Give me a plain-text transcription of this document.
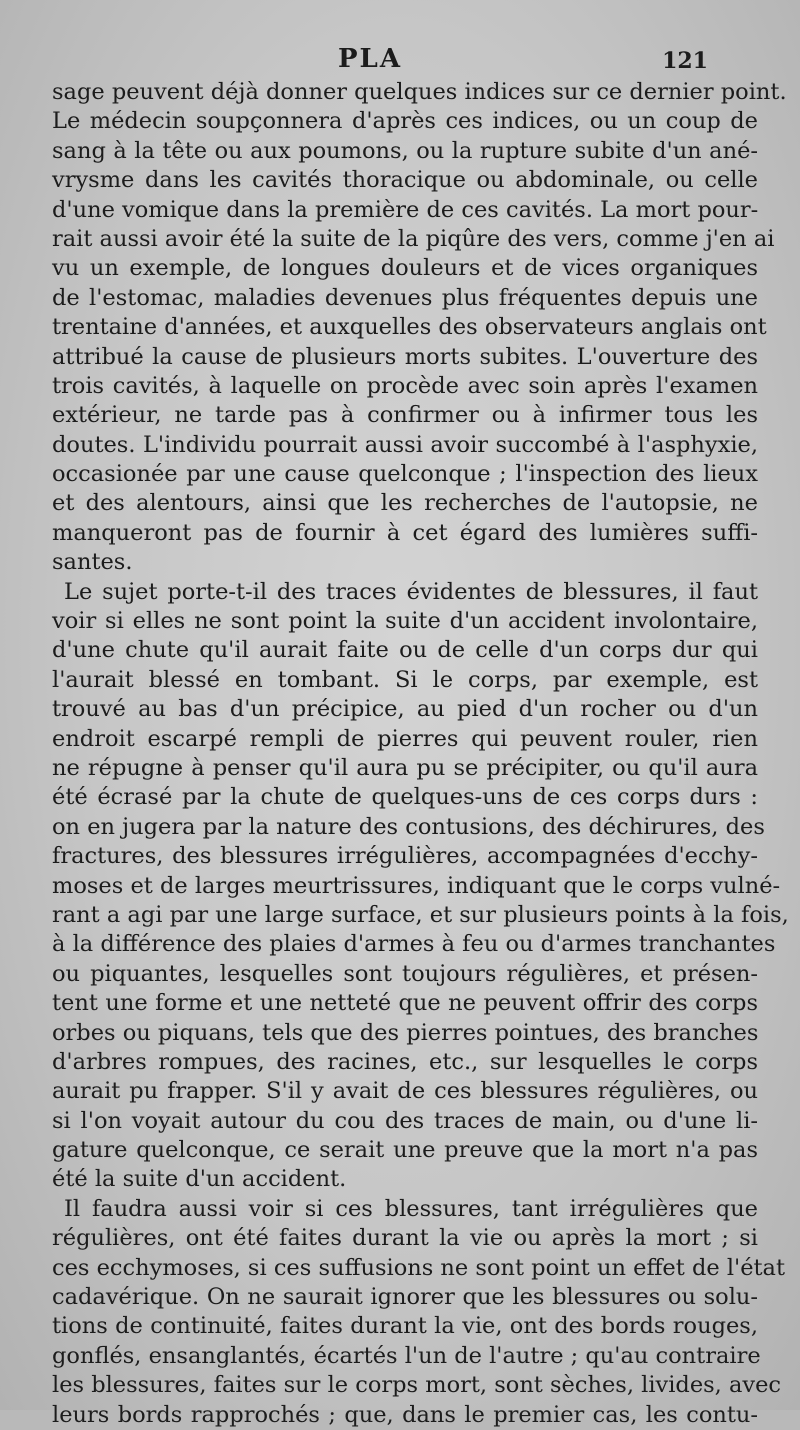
PLA	121
sage peuvent déjà donner quelques indices sur ce dernier point.
Le médecin soupçonnera d'après ces indices, ou un coup de
sang à la tête ou aux poumons, ou la rupture subite d'un ané-
vrysme dans les cavités thoracique ou abdominale, ou celle
d'une vomique dans la première de ces cavités. La mort pour-
rait aussi avoir été la suite de la piqûre des vers, comme j'en ai
vu un exemple, de longues douleurs et de vices organiques
de l'estomac, maladies devenues plus fréquentes depuis une
trentaine d'années, et auxquelles des observateurs anglais ont
attribué la cause de plusieurs morts subites. L'ouverture des
trois cavités, à laquelle on procède avec soin après l'examen
extérieur, ne tarde pas à confirmer ou à infirmer tous les
doutes. L'individu pourrait aussi avoir succombé à l'asphyxie,
occasionée par une cause quelconque ; l'inspection des lieux
et des alentours, ainsi que les recherches de l'autopsie, ne
manqueront pas de fournir à cet égard des lumières suffi-
santes.
Le sujet porte-t-il des traces évidentes de blessures, il faut
voir si elles ne sont point la suite d'un accident involontaire,
d'une chute qu'il aurait faite ou de celle d'un corps dur qui
l'aurait blessé en tombant. Si le corps, par exemple, est
trouvé au bas d'un précipice, au pied d'un rocher ou d'un
endroit escarpé rempli de pierres qui peuvent rouler, rien
ne répugne à penser qu'il aura pu se précipiter, ou qu'il aura
été écrasé par la chute de quelques-uns de ces corps durs :
on en jugera par la nature des contusions, des déchirures, des
fractures, des blessures irrégulières, accompagnées d'ecchy-
moses et de larges meurtrissures, indiquant que le corps vulné-
rant a agi par une large surface, et sur plusieurs points à la fois,
à la différence des plaies d'armes à feu ou d'armes tranchantes
ou piquantes, lesquelles sont toujours régulières, et présen-
tent une forme et une netteté que ne peuvent offrir des corps
orbes ou piquans, tels que des pierres pointues, des branches
d'arbres rompues, des racines, etc., sur lesquelles le corps
aurait pu frapper. S'il y avait de ces blessures régulières, ou
si l'on voyait autour du cou des traces de main, ou d'une li-
gature quelconque, ce serait une preuve que la mort n'a pas
été la suite d'un accident.
Il faudra aussi voir si ces blessures, tant irrégulières que
régulières, ont été faites durant la vie ou après la mort ; si
ces ecchymoses, si ces suffusions ne sont point un effet de l'état
cadavérique. On ne saurait ignorer que les blessures ou solu-
tions de continuité, faites durant la vie, ont des bords rouges,
gonflés, ensanglantés, écartés l'un de l'autre ; qu'au contraire
les blessures, faites sur le corps mort, sont sèches, livides, avec
leurs bords rapprochés ; que, dans le premier cas, les contu-
